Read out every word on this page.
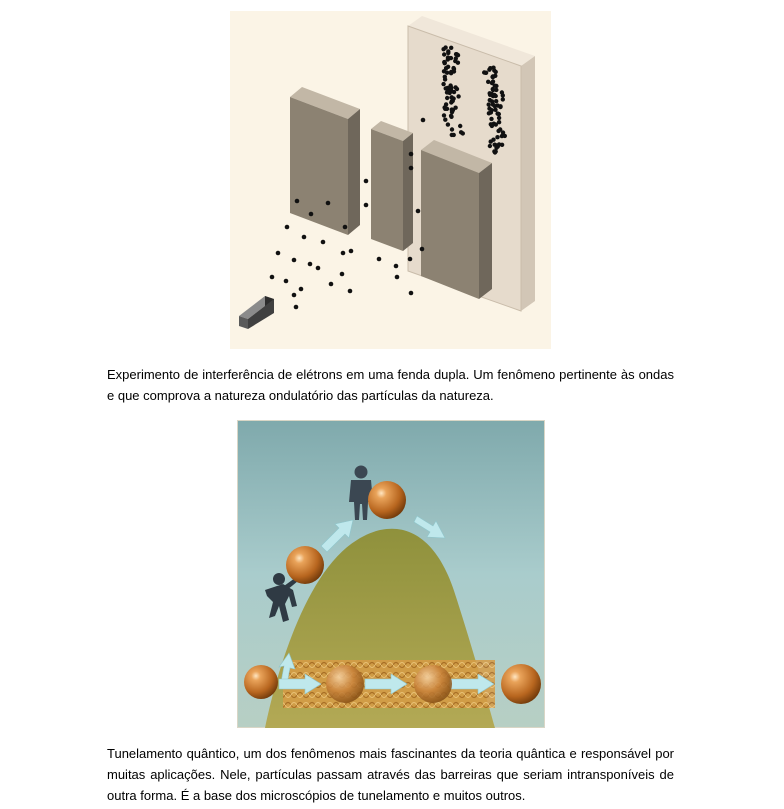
Experimento de interferência de elétrons em uma fenda dupla. Um fenômeno pertinente às ondas e que comprova a natureza ondulatório das partículas da natureza.

Tunelamento quântico, um dos fenômenos mais fascinantes da teoria quântica e responsável por muitas aplicações. Nele, partículas passam através das barreiras que seriam intransponíveis de outra forma. É a base dos microscópios de tunelamento e muitos outros.
